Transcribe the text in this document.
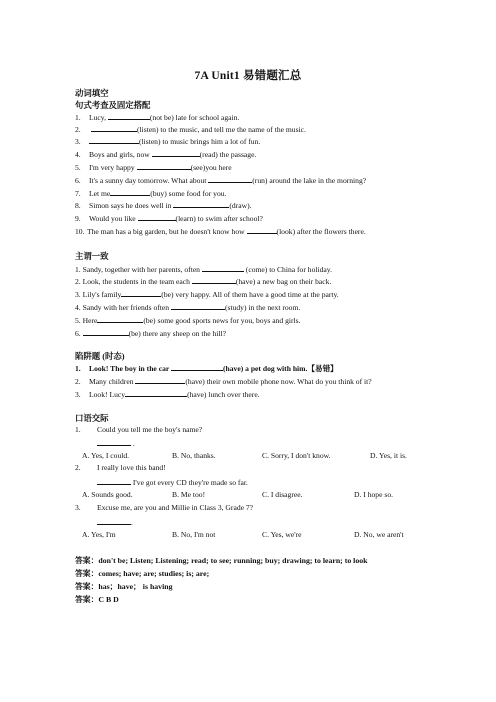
7A Unit1 易错题汇总
动词填空
句式考查及固定搭配
1. Lucy,	(not be) late for school again.
2.	(listen) to the music, and tell me the name of the music.
3.	(listen) to music brings him a lot of fun.
4. Boys and girls, now	(read) the passage.
5. I'm very happy	(see)you here
6. It's a sunny day tomorrow. What about	(run) around the lake in the morning?
7. Let me	(buy) some food for you.
8. Simon says he does well in	(draw).
9. Would you like	(learn) to swim after school?
10. The man has a big garden, but he doesn't know how	(look) after the flowers there.
主谓一致
1. Sandy, together with her parents, often	(come) to China for holiday.
2. Look, the students in the team each	(have) a new bag on their back.
3. Lily's family	(be) very happy. All of them have a good time at the party.
4. Sandy with her friends often	(study) in the next room.
5. Here	(be) some good sports news for you, boys and girls.
6.	(be) there any sheep on the hill?
陷阱题 (时态)
1. Look! The boy in the car	(have) a pet dog with him.【易错】
2. Many children	(have) their own mobile phone now. What do you think of it?
3. Look! Lucy	(have) lunch over there.
口语交际
1. Could you tell me the boy's name?
.
A. Yes, I could.	B. No, thanks.	C. Sorry, I don't know.	D. Yes, it is.
2. I really love this band!
I've got every CD they're made so far.
A. Sounds good.	B. Me too!	C. I disagree.	D. I hope so.
3. Excuse me, are you and Millie in Class 3, Grade 7?
.
A. Yes, I'm	B. No, I'm not	C. Yes, we're	D. No, we aren't
答案：don't be; Listen; Listening; read; to see; running; buy; drawing; to learn; to look
答案：comes; have; are; studies; is; are;
答案：has；have； is having
答案：C B D
